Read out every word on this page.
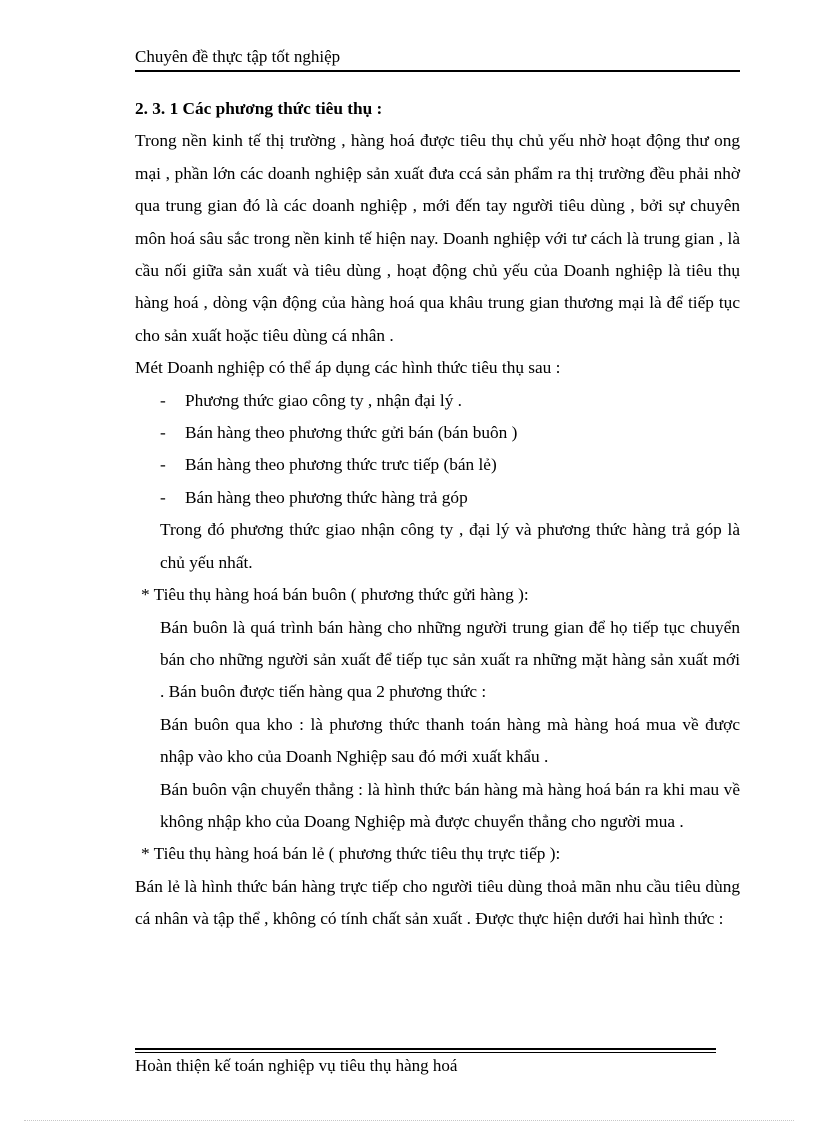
Chuyên đề thực tập tốt nghiệp

2. 3. 1 Các phương thức tiêu thụ :

Trong nền kinh tế thị trường , hàng hoá được tiêu thụ chủ yếu nhờ hoạt động thư ong mại , phần lớn các doanh nghiệp sản xuất đưa ccá sản phẩm ra thị trường đều phải nhờ qua trung gian đó là các doanh nghiệp , mới đến tay người tiêu dùng , bởi sự chuyên môn hoá sâu sắc trong nền kinh tế hiện nay. Doanh nghiệp với tư cách là trung gian , là cầu nối giữa sản xuất và tiêu dùng , hoạt động chủ yếu của Doanh nghiệp là tiêu thụ hàng hoá , dòng vận động của hàng hoá qua khâu trung gian thương mại là để tiếp tục cho sản xuất hoặc tiêu dùng cá nhân .

Mét Doanh nghiệp có thể áp dụng các hình thức tiêu thụ sau :

- Phương thức giao công ty , nhận đại lý .
- Bán hàng theo phương thức gửi bán (bán buôn )
- Bán hàng theo phương thức trưc tiếp (bán lẻ)
- Bán hàng theo phương thức hàng trả góp

Trong đó phương thức giao nhận công ty , đại lý và phương thức hàng trả góp là chủ yếu nhất.

* Tiêu thụ hàng hoá bán buôn ( phương thức gửi hàng ):

Bán buôn là quá trình bán hàng cho những người trung gian để họ tiếp tục chuyển bán cho những người sản xuất để tiếp tục sản xuất ra những mặt hàng sản xuất mới . Bán buôn được tiến hàng qua 2 phương thức :

Bán buôn qua kho : là phương thức thanh toán hàng mà hàng hoá mua về được nhập vào kho của Doanh Nghiệp sau đó mới xuất khẩu .

Bán buôn vận chuyển thẳng : là hình thức bán hàng mà hàng hoá bán ra khi mau về không nhập kho của Doang Nghiệp mà được chuyển thẳng cho người mua .

* Tiêu thụ hàng hoá bán lẻ ( phương thức tiêu thụ trực tiếp ):

Bán lẻ là hình thức bán hàng trực tiếp cho người tiêu dùng thoả mãn nhu cầu tiêu dùng cá nhân và tập thể , không có tính chất sản xuất . Được thực hiện dưới hai hình thức :

Hoàn thiện kế toán nghiệp vụ tiêu thụ hàng hoá
